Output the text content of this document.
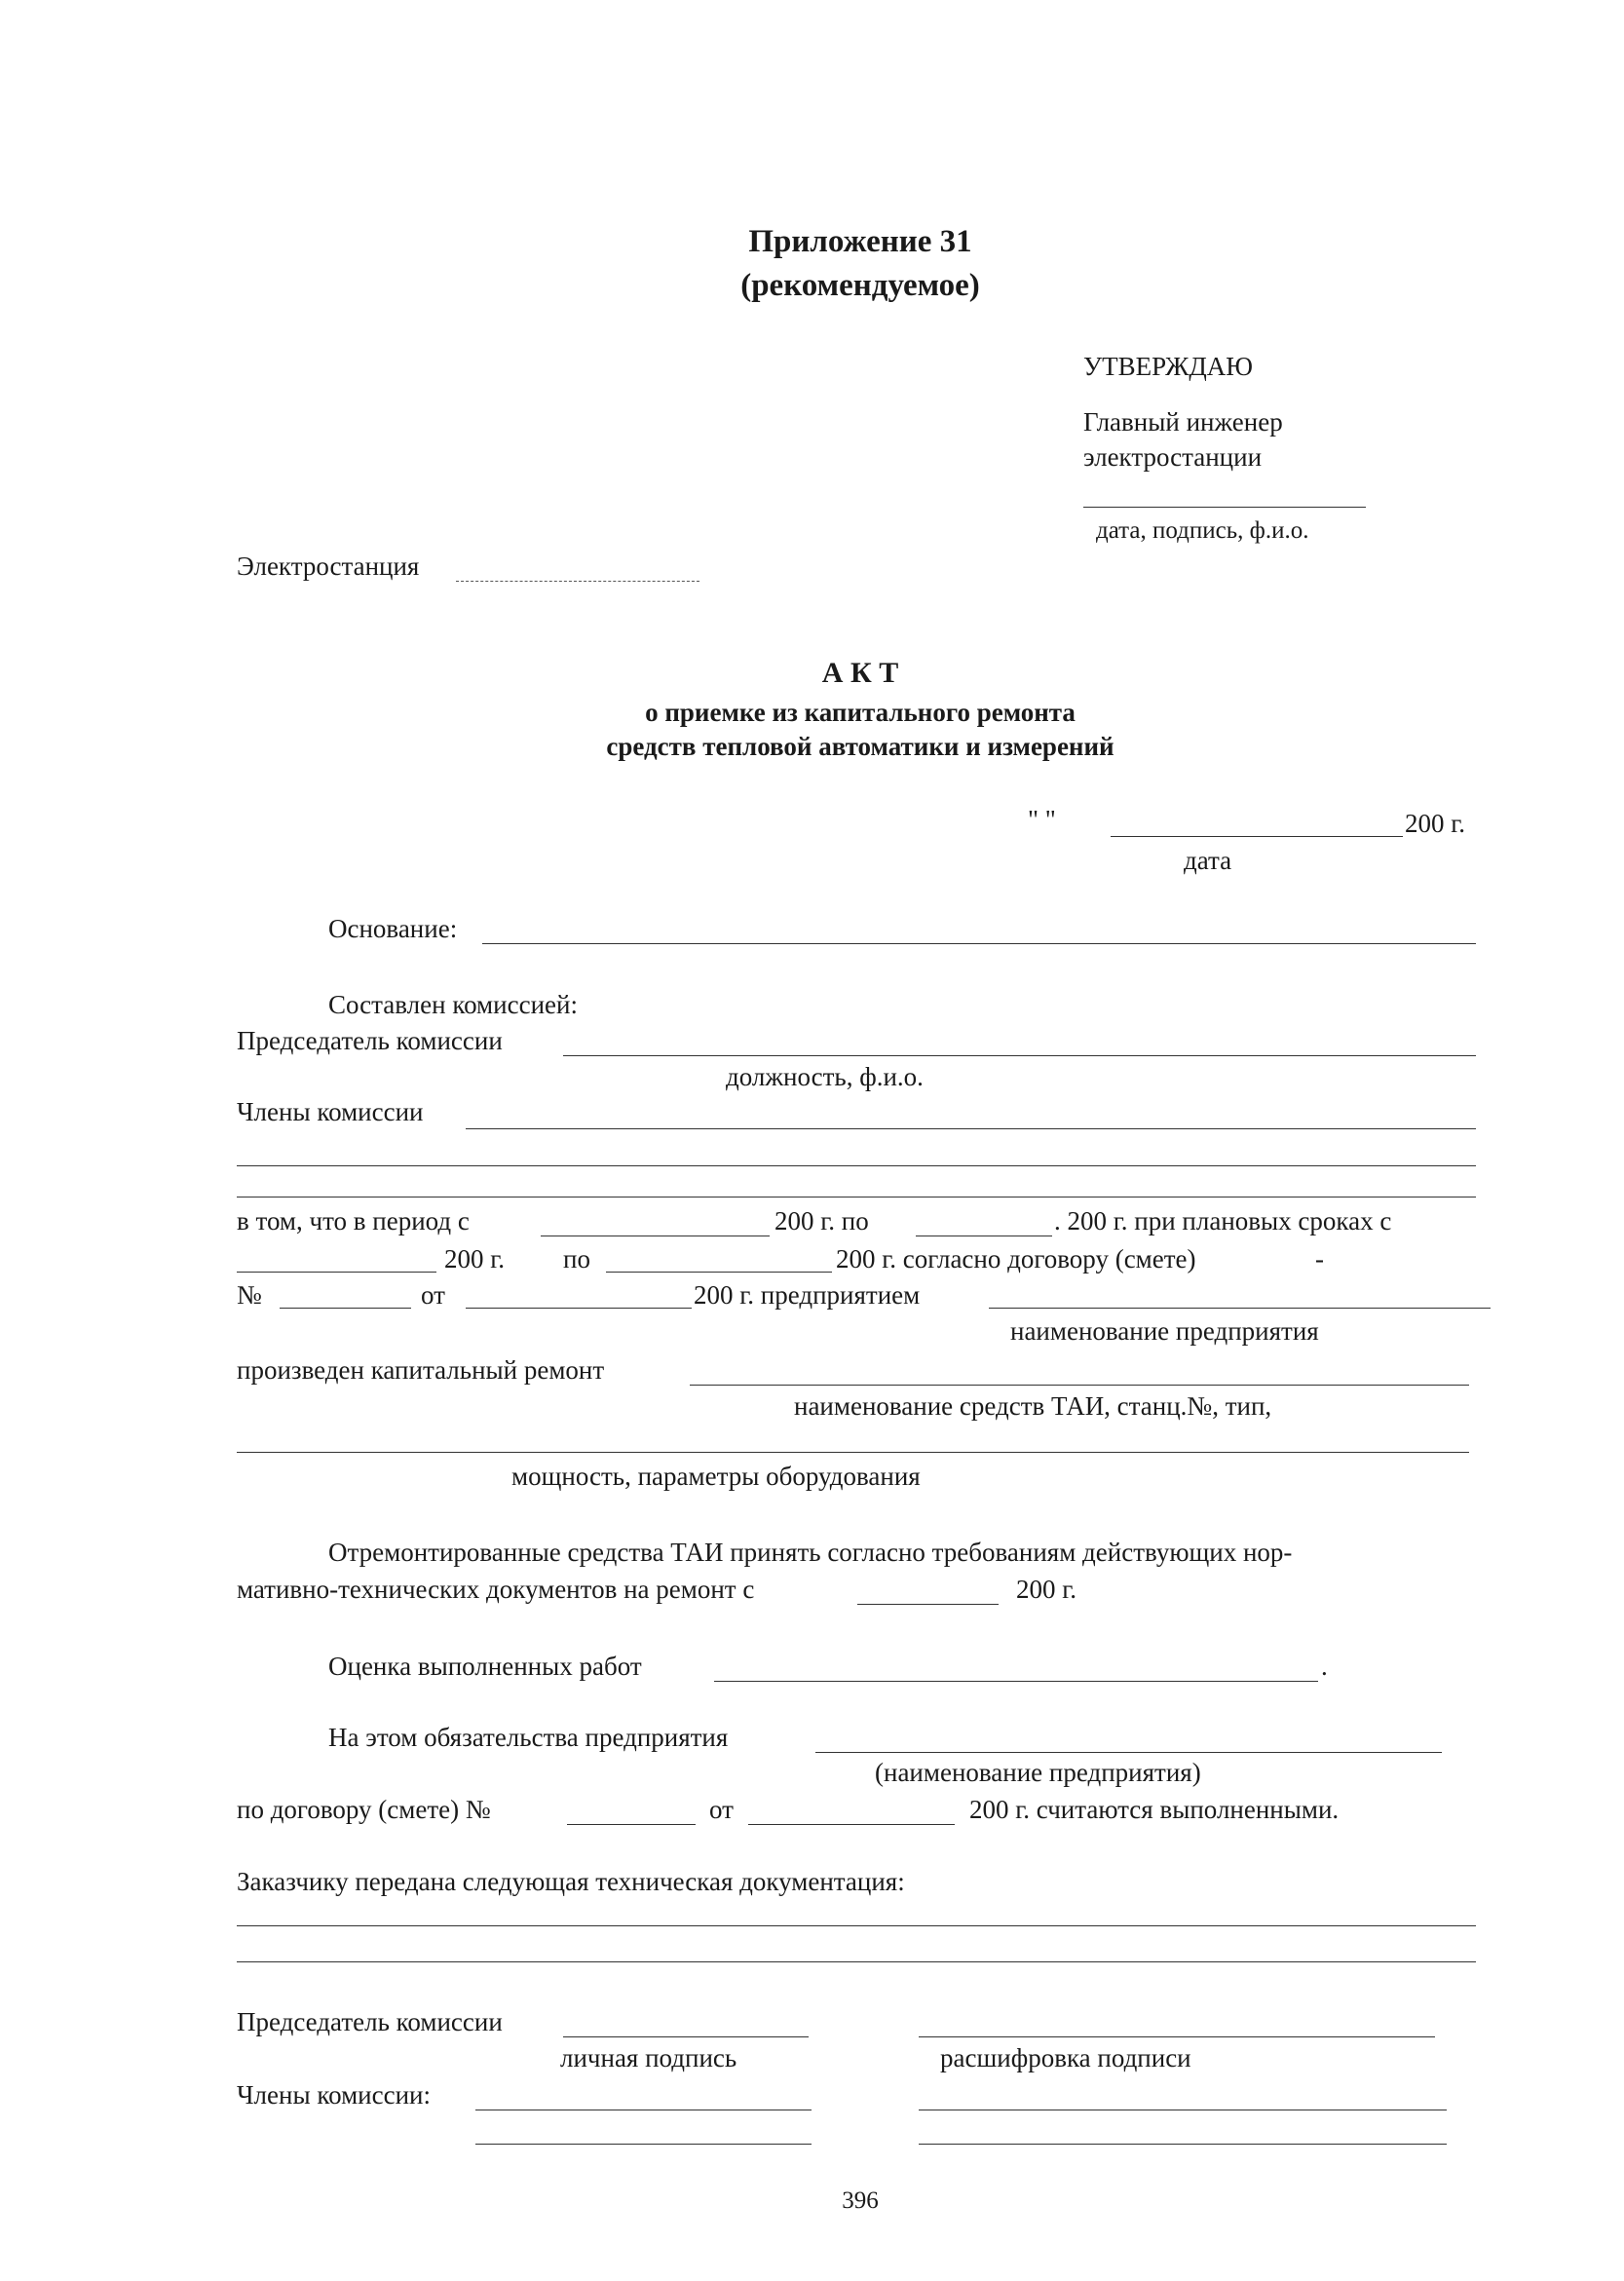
Приложение 31
(рекомендуемое)
УТВЕРЖДАЮ
Главный инженер
электростанции
дата, подпись, ф.и.о.
Электростанция
А К Т
о приемке из капитального ремонта
средств тепловой автоматики и измерений
" "	200 г.
дата
Основание:
Составлен комиссией:
Председатель комиссии
должность, ф.и.о.
Члены комиссии
в том, что в период с	200 г. по	. 200 г. при плановых сроках с
200 г. по	200 г. согласно договору (смете)	-
№	от	200 г. предприятием
наименование предприятия
произведен капитальный ремонт
наименование средств ТАИ, станц.№, тип,
мощность, параметры оборудования
Отремонтированные средства ТАИ принять согласно требованиям действующих нор-
мативно-технических документов на ремонт с	200 г.
Оценка выполненных работ	.
На этом обязательства предприятия
(наименование предприятия)
по договору (смете) №	от	200 г. считаются выполненными.
Заказчику передана следующая техническая документация:
Председатель комиссии
личная подпись	расшифровка подписи
Члены комиссии:
396
